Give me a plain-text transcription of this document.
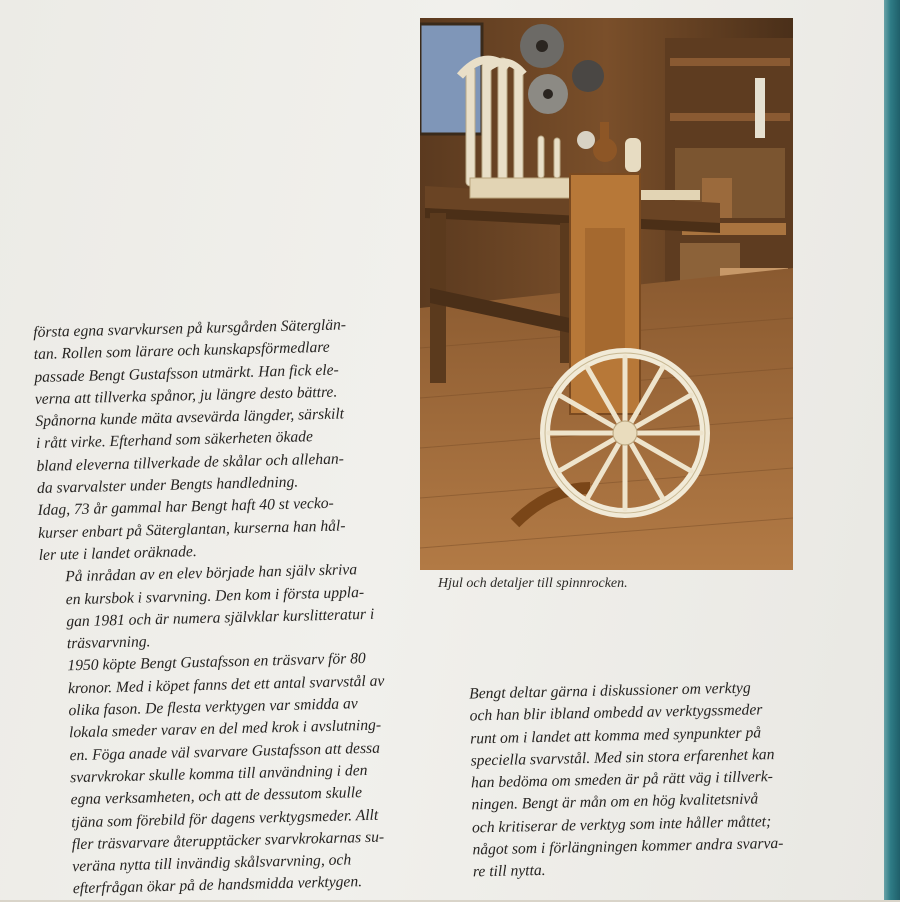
Hjul och detaljer till spinnrocken.

första egna svarvkursen på kursgården Säterglän-
tan. Rollen som lärare och kunskapsförmedlare
passade Bengt Gustafsson utmärkt. Han fick ele-
verna att tillverka spånor, ju längre desto bättre.
Spånorna kunde mäta avsevärda längder, särskilt
i rått virke. Efterhand som säkerheten ökade
bland eleverna tillverkade de skålar och allehan-
da svarvalster under Bengts handledning.

Idag, 73 år gammal har Bengt haft 40 st vecko-
kurser enbart på Säterglantan, kurserna han hål-
ler ute i landet oräknade.

På inrådan av en elev började han själv skriva
en kursbok i svarvning. Den kom i första uppla-
gan 1981 och är numera självklar kurslitteratur i
träsvarvning.

1950 köpte Bengt Gustafsson en träsvarv för 80
kronor. Med i köpet fanns det ett antal svarvstål av
olika fason. De flesta verktygen var smidda av
lokala smeder varav en del med krok i avslutning-
en. Föga anade väl svarvare Gustafsson att dessa
svarvkrokar skulle komma till användning i den
egna verksamheten, och att de dessutom skulle
tjäna som förebild för dagens verktygsmeder. Allt
fler träsvarvare återupptäcker svarvkrokarnas su-
veräna nytta till invändig skålsvarvning, och
efterfrågan ökar på de handsmidda verktygen.

Bengt deltar gärna i diskussioner om verktyg
och han blir ibland ombedd av verktygssmeder
runt om i landet att komma med synpunkter på
speciella svarvstål. Med sin stora erfarenhet kan
han bedöma om smeden är på rätt väg i tillverk-
ningen. Bengt är mån om en hög kvalitetsnivå
och kritiserar de verktyg som inte håller måttet;
något som i förlängningen kommer andra svarva-
re till nytta.
